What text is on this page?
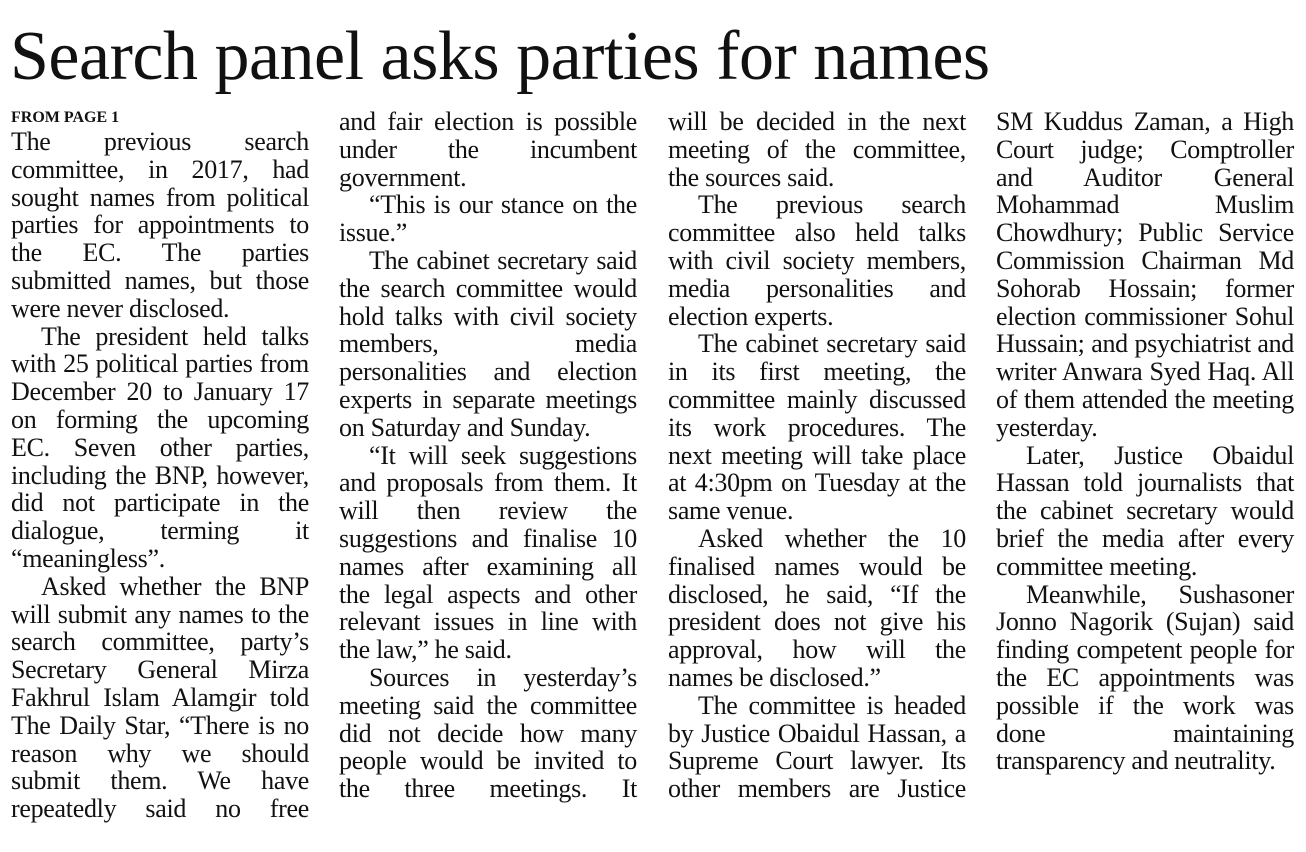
Search panel asks parties for names
FROM PAGE 1

The previous search committee, in 2017, had sought names from political parties for appointments to the EC. The parties submitted names, but those were never disclosed.

The president held talks with 25 political parties from December 20 to January 17 on forming the upcoming EC. Seven other parties, including the BNP, however, did not participate in the dialogue, terming it “meaningless”.

Asked whether the BNP will submit any names to the search committee, party’s Secretary General Mirza Fakhrul Islam Alamgir told The Daily Star, “There is no reason why we should submit them. We have repeatedly said no free

and fair election is possible under the incumbent government.

“This is our stance on the issue.”

The cabinet secretary said the search committee would hold talks with civil society members, media personalities and election experts in separate meetings on Saturday and Sunday.

“It will seek suggestions and proposals from them. It will then review the suggestions and finalise 10 names after examining all the legal aspects and other relevant issues in line with the law,” he said.

Sources in yesterday’s meeting said the committee did not decide how many people would be invited to the three meetings. It

will be decided in the next meeting of the committee, the sources said.

The previous search committee also held talks with civil society members, media personalities and election experts.

The cabinet secretary said in its first meeting, the committee mainly discussed its work procedures. The next meeting will take place at 4:30pm on Tuesday at the same venue.

Asked whether the 10 finalised names would be disclosed, he said, “If the president does not give his approval, how will the names be disclosed.”

The committee is headed by Justice Obaidul Hassan, a Supreme Court lawyer. Its other members are Justice

SM Kuddus Zaman, a High Court judge; Comptroller and Auditor General Mohammad Muslim Chowdhury; Public Service Commission Chairman Md Sohorab Hossain; former election commissioner Sohul Hussain; and psychiatrist and writer Anwara Syed Haq. All of them attended the meeting yesterday.

Later, Justice Obaidul Hassan told journalists that the cabinet secretary would brief the media after every committee meeting.

Meanwhile, Sushasoner Jonno Nagorik (Sujan) said finding competent people for the EC appointments was possible if the work was done maintaining transparency and neutrality.
